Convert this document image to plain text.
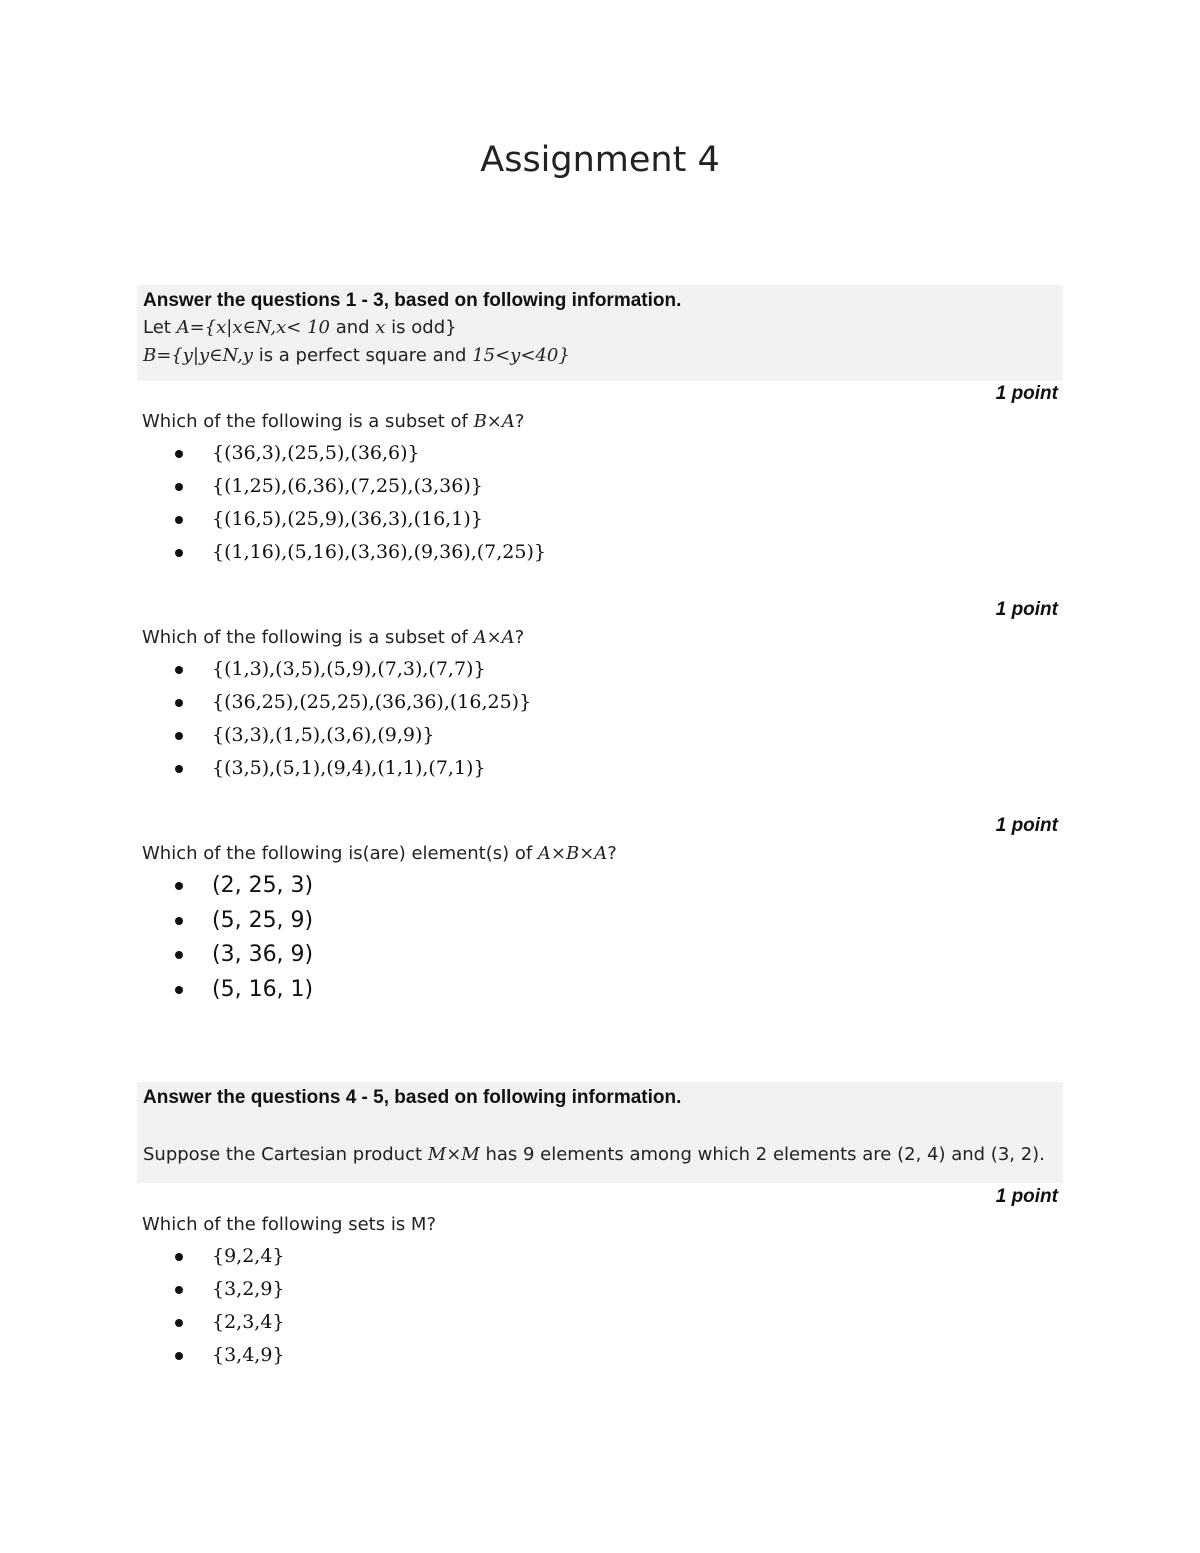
Assignment 4
Answer the questions 1 - 3, based on following information.
Let A={x|x∈N,x< 10 and x is odd}
B={y|y∈N,y is a perfect square and 15<y<40}
1 point
Which of the following is a subset of B×A?
{(36,3),(25,5),(36,6)}
{(1,25),(6,36),(7,25),(3,36)}
{(16,5),(25,9),(36,3),(16,1)}
{(1,16),(5,16),(3,36),(9,36),(7,25)}
1 point
Which of the following is a subset of A×A?
{(1,3),(3,5),(5,9),(7,3),(7,7)}
{(36,25),(25,25),(36,36),(16,25)}
{(3,3),(1,5),(3,6),(9,9)}
{(3,5),(5,1),(9,4),(1,1),(7,1)}
1 point
Which of the following is(are) element(s) of A×B×A?
(2, 25, 3)
(5, 25, 9)
(3, 36, 9)
(5, 16, 1)
Answer the questions 4 - 5, based on following information.
Suppose the Cartesian product M×M has 9 elements among which 2 elements are (2, 4) and (3, 2).
1 point
Which of the following sets is M?
{9,2,4}
{3,2,9}
{2,3,4}
{3,4,9}
